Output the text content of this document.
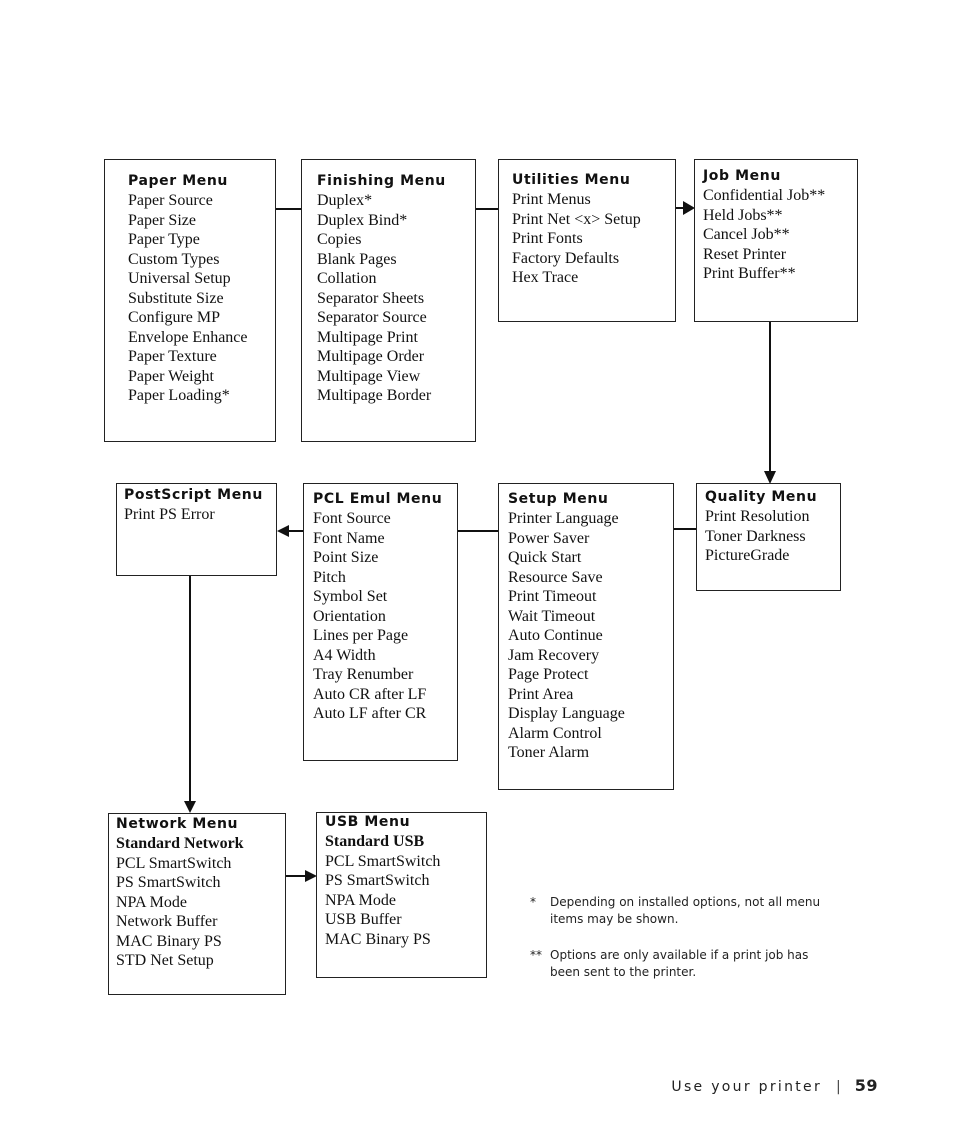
Paper Menu
Paper Source
Paper Size
Paper Type
Custom Types
Universal Setup
Substitute Size
Configure MP
Envelope Enhance
Paper Texture
Paper Weight
Paper Loading*
Finishing Menu
Duplex*
Duplex Bind*
Copies
Blank Pages
Collation
Separator Sheets
Separator Source
Multipage Print
Multipage Order
Multipage View
Multipage Border
Utilities Menu
Print Menus
Print Net <x> Setup
Print Fonts
Factory Defaults
Hex Trace
Job Menu
Confidential Job**
Held Jobs**
Cancel Job**
Reset Printer
Print Buffer**
Quality Menu
Print Resolution
Toner Darkness
PictureGrade
Setup Menu
Printer Language
Power Saver
Quick Start
Resource Save
Print Timeout
Wait Timeout
Auto Continue
Jam Recovery
Page Protect
Print Area
Display Language
Alarm Control
Toner Alarm
PCL Emul Menu
Font Source
Font Name
Point Size
Pitch
Symbol Set
Orientation
Lines per Page
A4 Width
Tray Renumber
Auto CR after LF
Auto LF after CR
PostScript Menu
Print PS Error
Network Menu
Standard Network
PCL SmartSwitch
PS SmartSwitch
NPA Mode
Network Buffer
MAC Binary PS
STD Net Setup
USB Menu
Standard USB
PCL SmartSwitch
PS SmartSwitch
NPA Mode
USB Buffer
MAC Binary PS
* Depending on installed options, not all menu items may be shown.
** Options are only available if a print job has been sent to the printer.
Use your printer | 59
